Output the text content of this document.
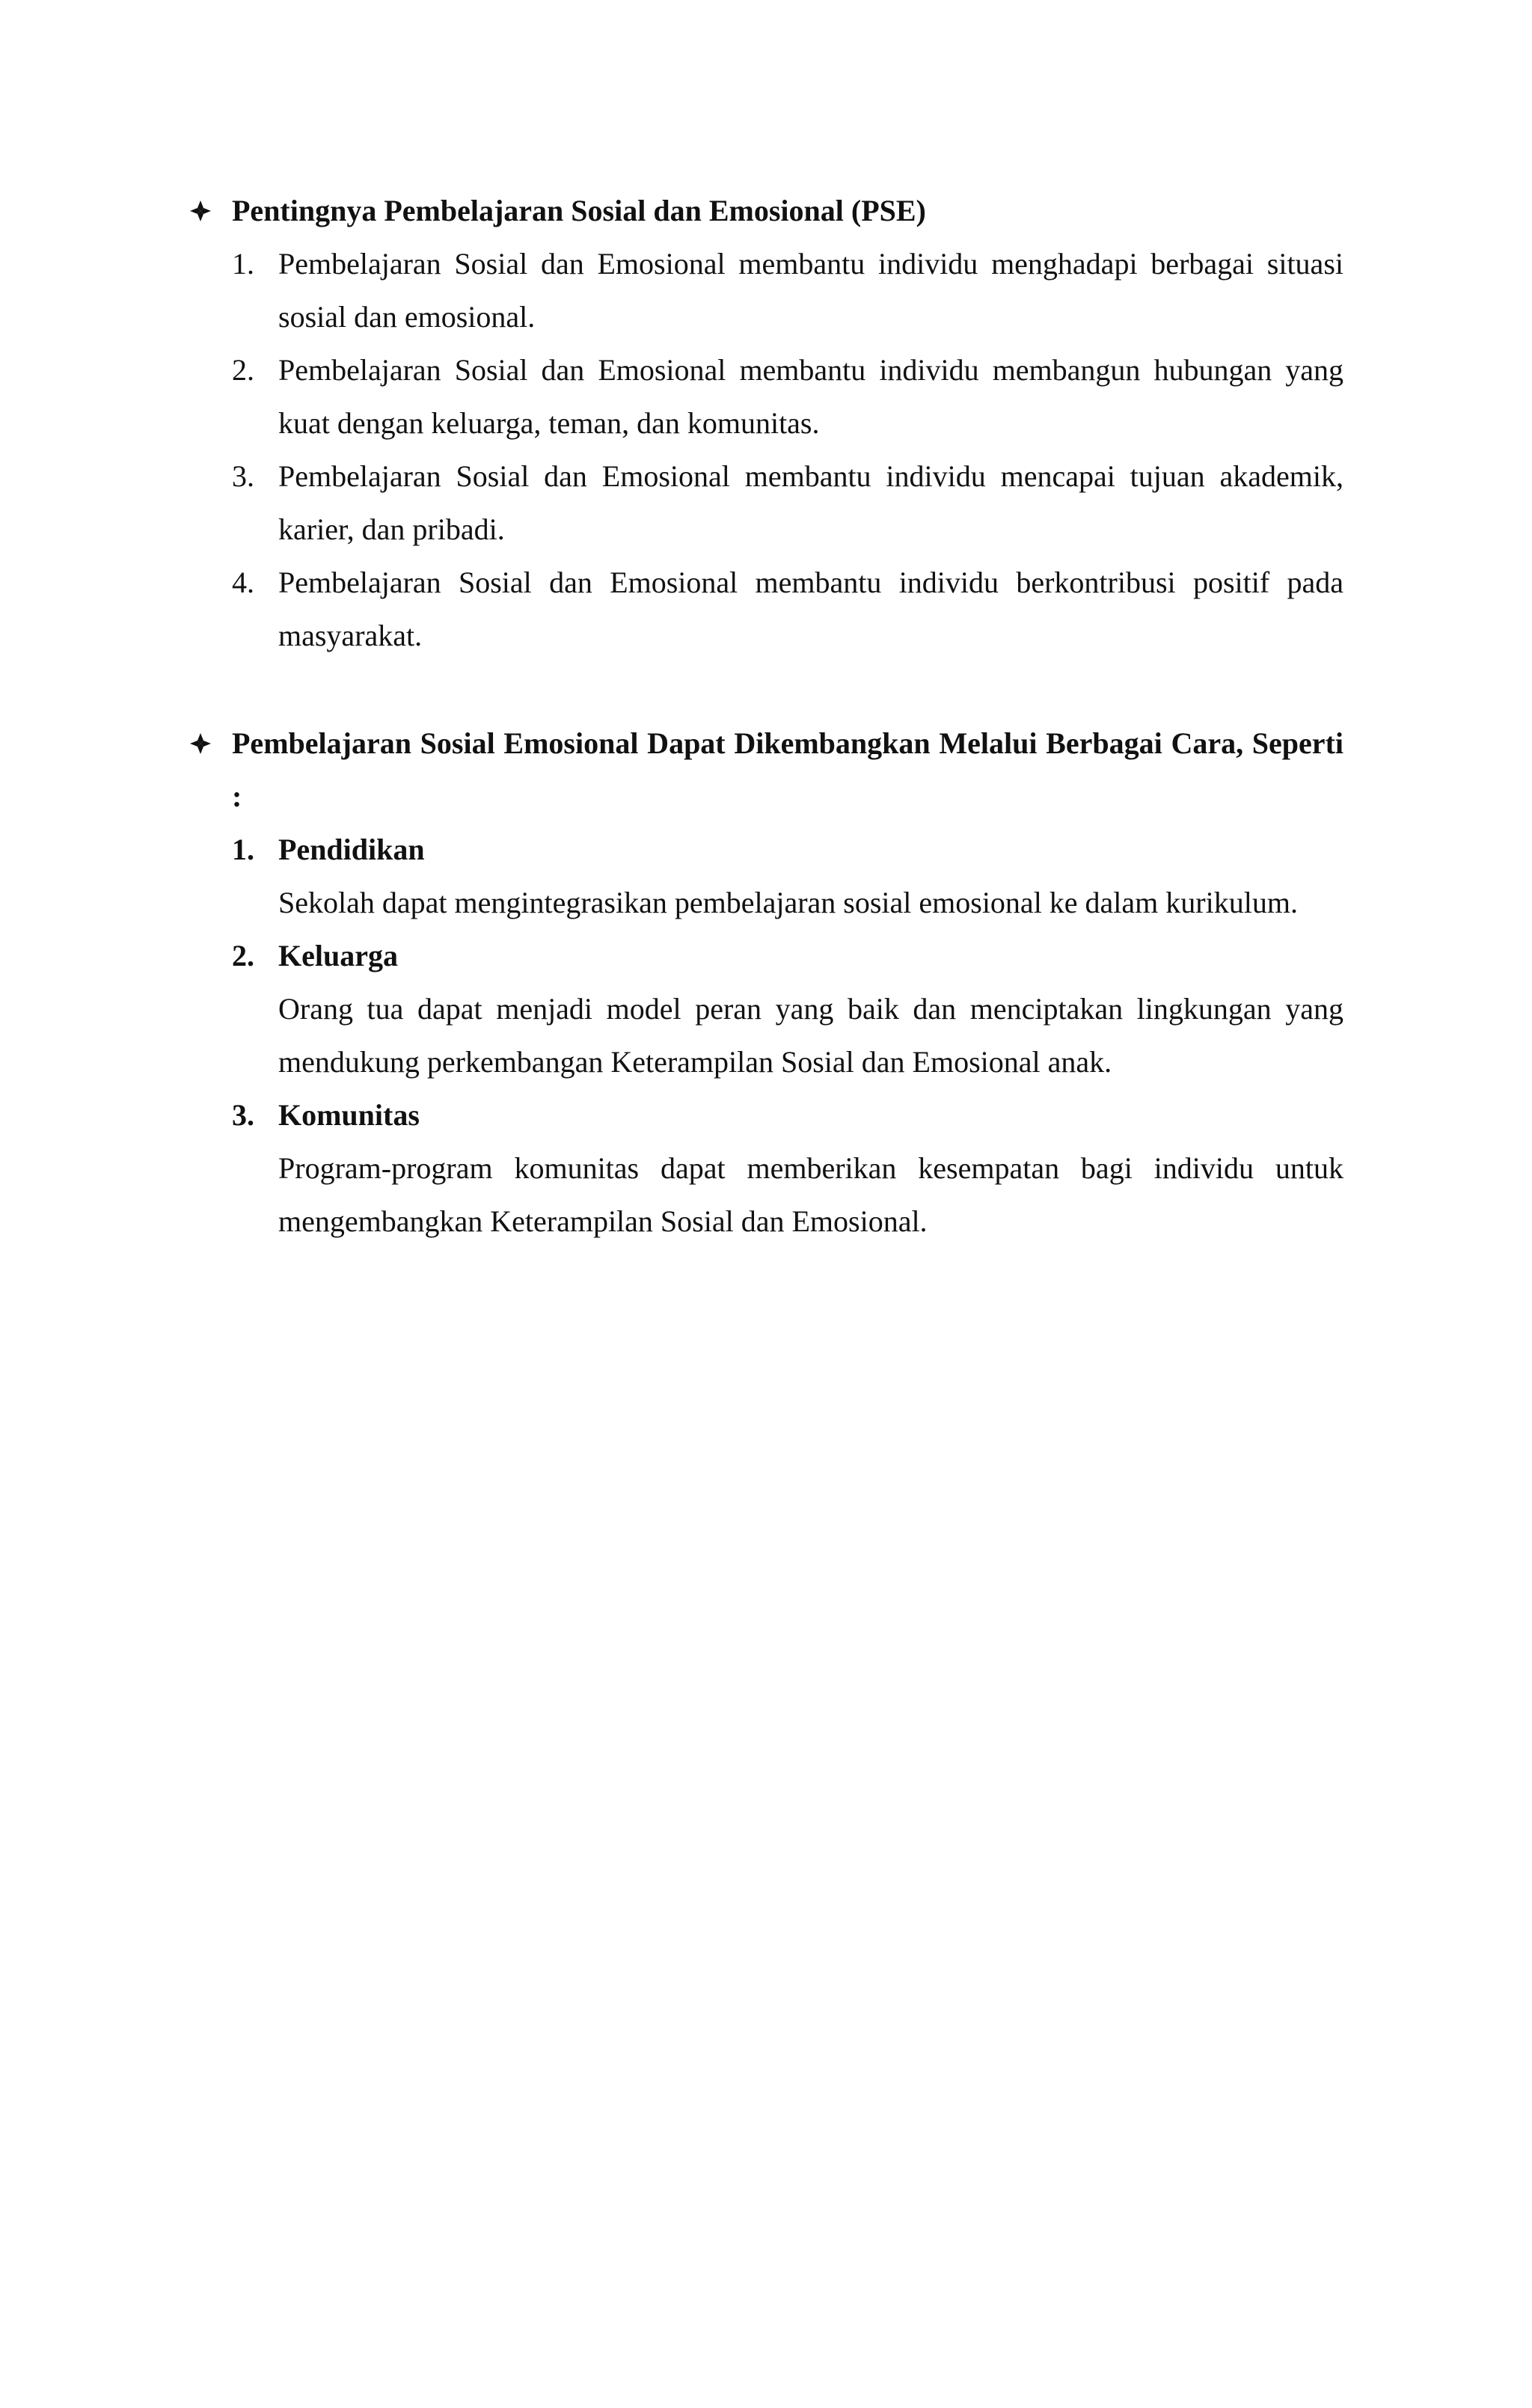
Pentingnya Pembelajaran Sosial dan Emosional (PSE)
1. Pembelajaran Sosial dan Emosional membantu individu menghadapi berbagai situasi sosial dan emosional.
2. Pembelajaran Sosial dan Emosional membantu individu membangun hubungan yang kuat dengan keluarga, teman, dan komunitas.
3. Pembelajaran Sosial dan Emosional membantu individu mencapai tujuan akademik, karier, dan pribadi.
4. Pembelajaran Sosial dan Emosional membantu individu berkontribusi positif pada masyarakat.
Pembelajaran Sosial Emosional Dapat Dikembangkan Melalui Berbagai Cara, Seperti :
1. Pendidikan
Sekolah dapat mengintegrasikan pembelajaran sosial emosional ke dalam kurikulum.
2. Keluarga
Orang tua dapat menjadi model peran yang baik dan menciptakan lingkungan yang mendukung perkembangan Keterampilan Sosial dan Emosional anak.
3. Komunitas
Program-program komunitas dapat memberikan kesempatan bagi individu untuk mengembangkan Keterampilan Sosial dan Emosional.
